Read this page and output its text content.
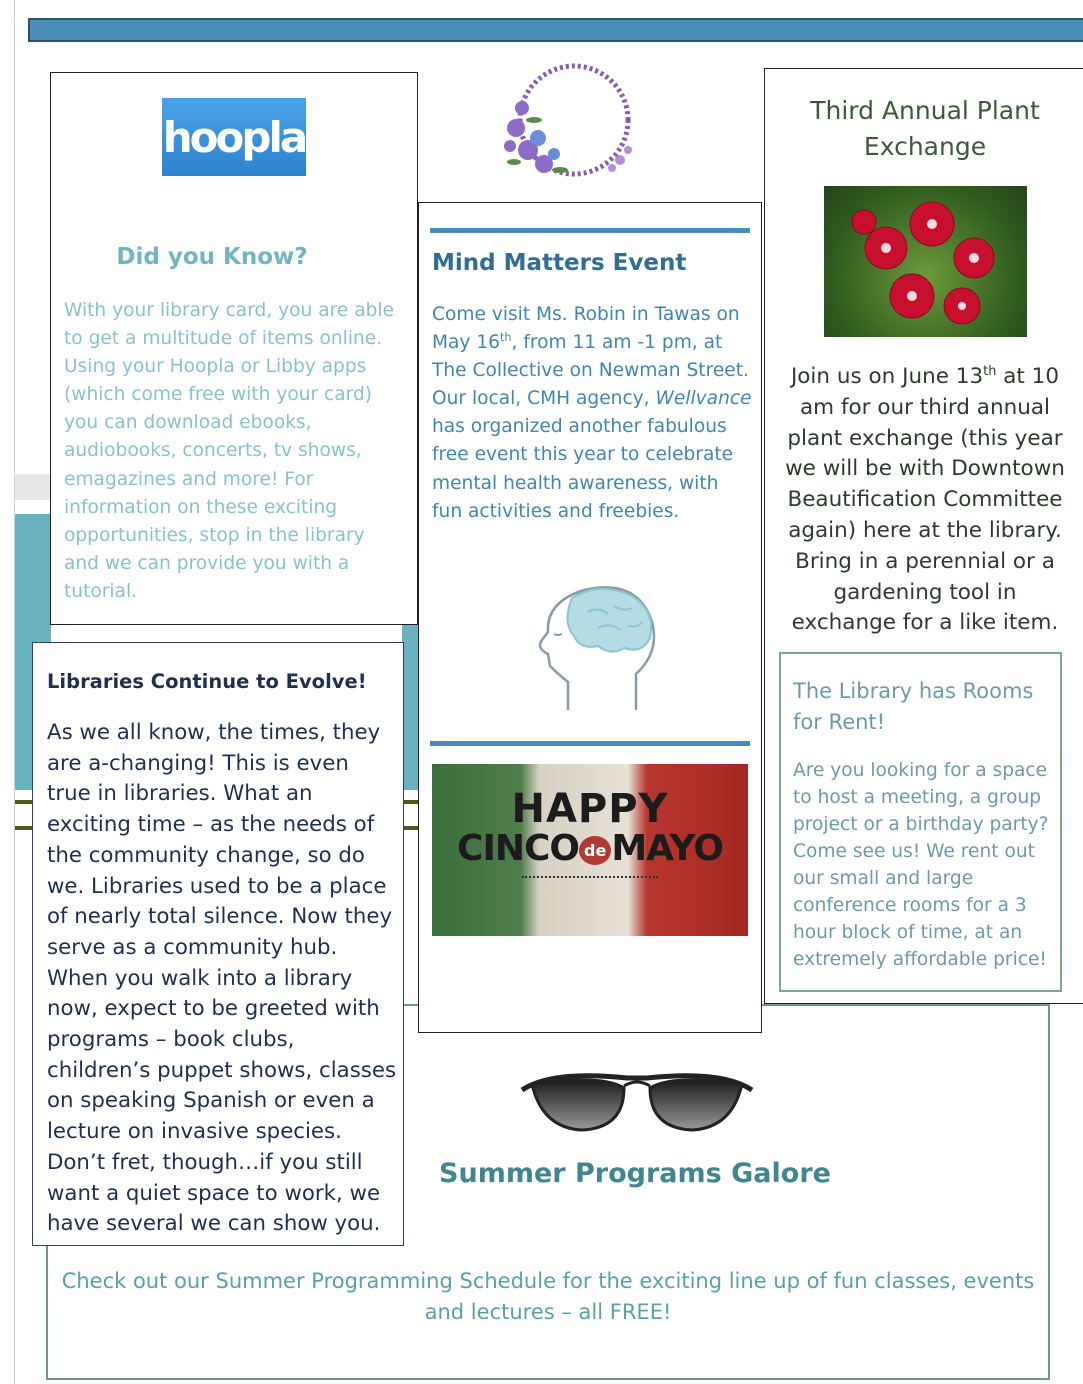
Summer Programs Galore
Check out our Summer Programming Schedule for the exciting line up of fun classes, events and lectures – all FREE!
hoopla
Did you Know?
With your library card, you are able to get a multitude of items online. Using your Hoopla or Libby apps (which come free with your card) you can download ebooks, audiobooks, concerts, tv shows, emagazines and more! For information on these exciting opportunities, stop in the library and we can provide you with a tutorial.
Mind Matters Event
Come visit Ms. Robin in Tawas on May 16th, from 11 am -1 pm, at The Collective on Newman Street. Our local, CMH agency, Wellvance has organized another fabulous free event this year to celebrate mental health awareness, with fun activities and freebies.
HAPPY
CINCO de MAYO
Third Annual Plant Exchange
Join us on June 13th at 10 am for our third annual plant exchange (this year we will be with Downtown Beautification Committee again) here at the library. Bring in a perennial or a gardening tool in exchange for a like item.
The Library has Rooms for Rent!
Are you looking for a space to host a meeting, a group project or a birthday party? Come see us! We rent out our small and large conference rooms for a 3 hour block of time, at an extremely affordable price!
Libraries Continue to Evolve!
As we all know, the times, they are a-changing! This is even true in libraries. What an exciting time – as the needs of the community change, so do we. Libraries used to be a place of nearly total silence. Now they serve as a community hub. When you walk into a library now, expect to be greeted with programs – book clubs, children’s puppet shows, classes on speaking Spanish or even a lecture on invasive species. Don’t fret, though…if you still want a quiet space to work, we have several we can show you.
